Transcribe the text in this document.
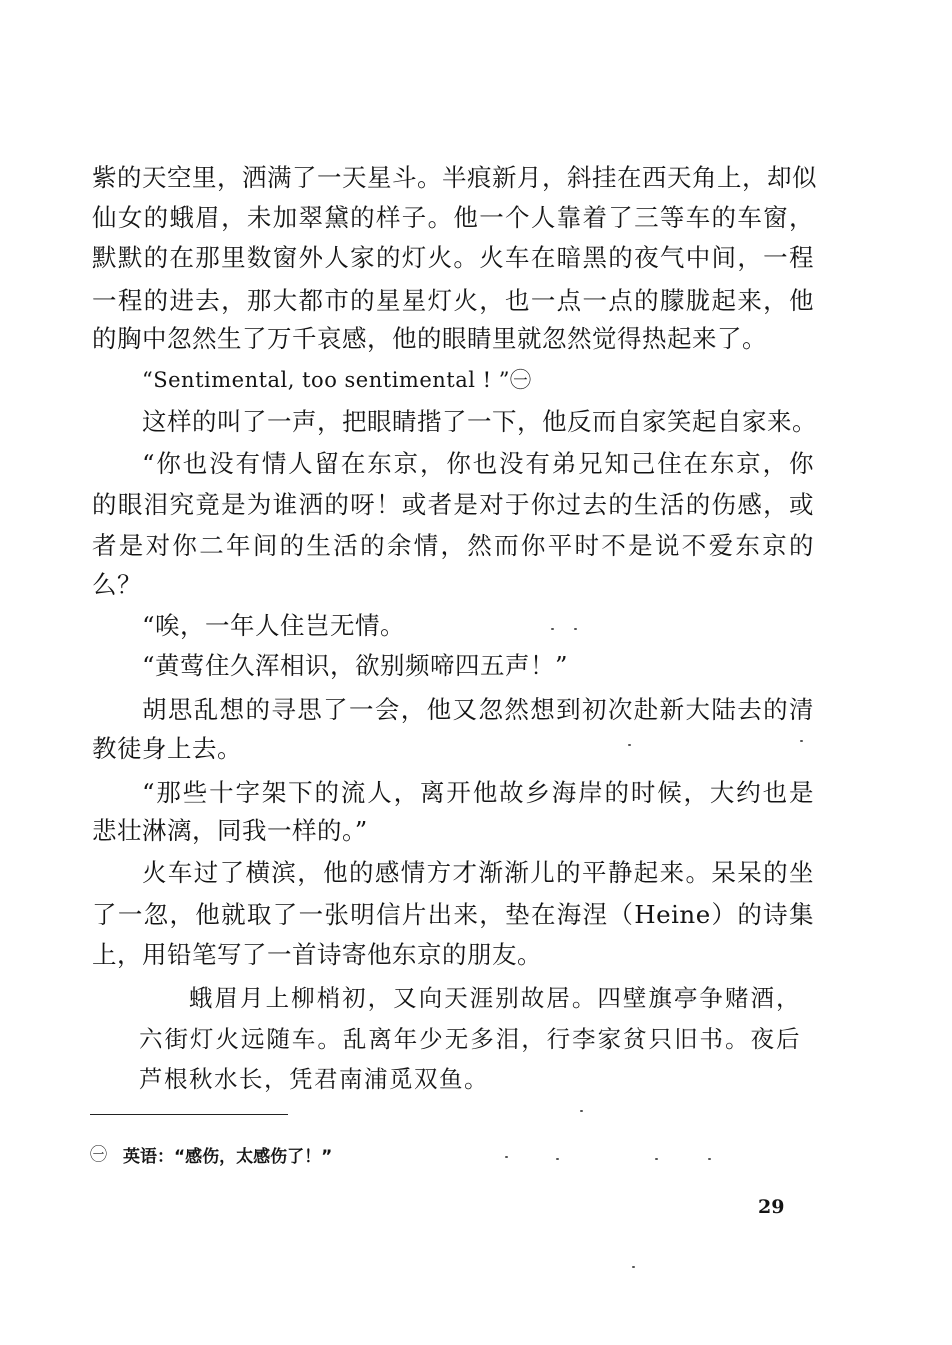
紫的天空里，洒满了一天星斗。半痕新月，斜挂在西天角上，却似
仙女的蛾眉，未加翠黛的样子。他一个人靠着了三等车的车窗，
默默的在那里数窗外人家的灯火。火车在暗黑的夜气中间，一程
一程的进去，那大都市的星星灯火，也一点一点的朦胧起来，他
的胸中忽然生了万千哀感，他的眼睛里就忽然觉得热起来了。
“Sentimental, too sentimental ! ”㊀
这样的叫了一声，把眼睛揩了一下，他反而自家笑起自家来。
“你也没有情人留在东京，你也没有弟兄知己住在东京，你
的眼泪究竟是为谁洒的呀！或者是对于你过去的生活的伤感，或
者是对你二年间的生活的余情，然而你平时不是说不爱东京的
么？
“唉，一年人住岂无情。
“黄莺住久浑相识，欲别频啼四五声！”
胡思乱想的寻思了一会，他又忽然想到初次赴新大陆去的清
教徒身上去。
“那些十字架下的流人，离开他故乡海岸的时候，大约也是
悲壮淋漓，同我一样的。”
火车过了横滨，他的感情方才渐渐儿的平静起来。呆呆的坐
了一忽，他就取了一张明信片出来，垫在海涅（Heine）的诗集
上，用铅笔写了一首诗寄他东京的朋友。
蛾眉月上柳梢初，又向天涯别故居。四壁旗亭争赌酒，
六街灯火远随车。乱离年少无多泪，行李家贫只旧书。夜后
芦根秋水长，凭君南浦觅双鱼。
㊀ 英语：“感伤，太感伤了！”
29
